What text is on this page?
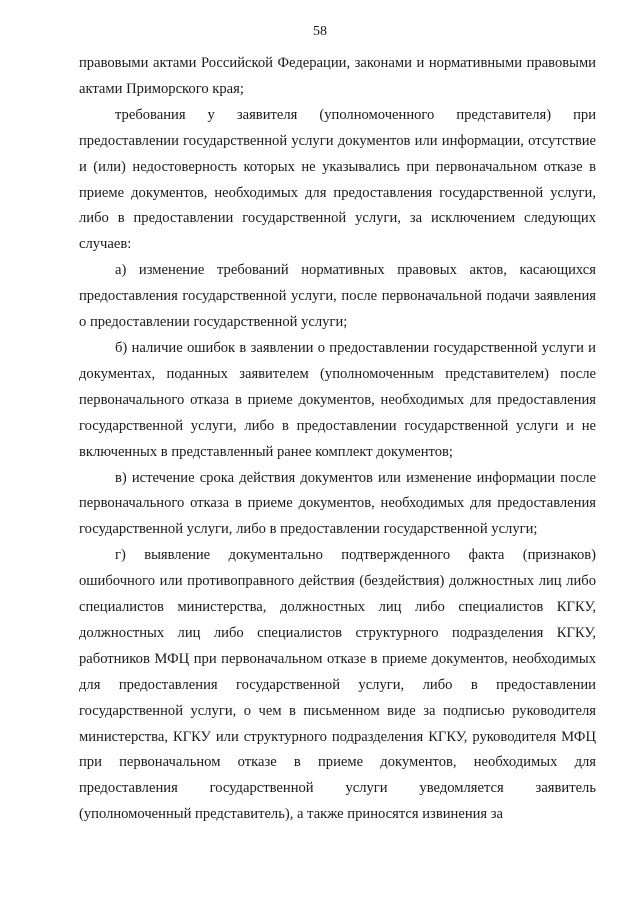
58

правовыми актами Российской Федерации, законами и нормативными правовыми актами Приморского края;

требования у заявителя (уполномоченного представителя) при предоставлении государственной услуги документов или информации, отсутствие и (или) недостоверность которых не указывались при первоначальном отказе в приеме документов, необходимых для предоставления государственной услуги, либо в предоставлении государственной услуги, за исключением следующих случаев:

а) изменение требований нормативных правовых актов, касающихся предоставления государственной услуги, после первоначальной подачи заявления о предоставлении государственной услуги;

б) наличие ошибок в заявлении о предоставлении государственной услуги и документах, поданных заявителем (уполномоченным представителем) после первоначального отказа в приеме документов, необходимых для предоставления государственной услуги, либо в предоставлении государственной услуги и не включенных в представленный ранее комплект документов;

в) истечение срока действия документов или изменение информации после первоначального отказа в приеме документов, необходимых для предоставления государственной услуги, либо в предоставлении государственной услуги;

г) выявление документально подтвержденного факта (признаков) ошибочного или противоправного действия (бездействия) должностных лиц либо специалистов министерства, должностных лиц либо специалистов КГКУ, должностных лиц либо специалистов структурного подразделения КГКУ, работников МФЦ при первоначальном отказе в приеме документов, необходимых для предоставления государственной услуги, либо в предоставлении государственной услуги, о чем в письменном виде за подписью руководителя министерства, КГКУ или структурного подразделения КГКУ, руководителя МФЦ при первоначальном отказе в приеме документов, необходимых для предоставления государственной услуги уведомляется заявитель (уполномоченный представитель), а также приносятся извинения за
